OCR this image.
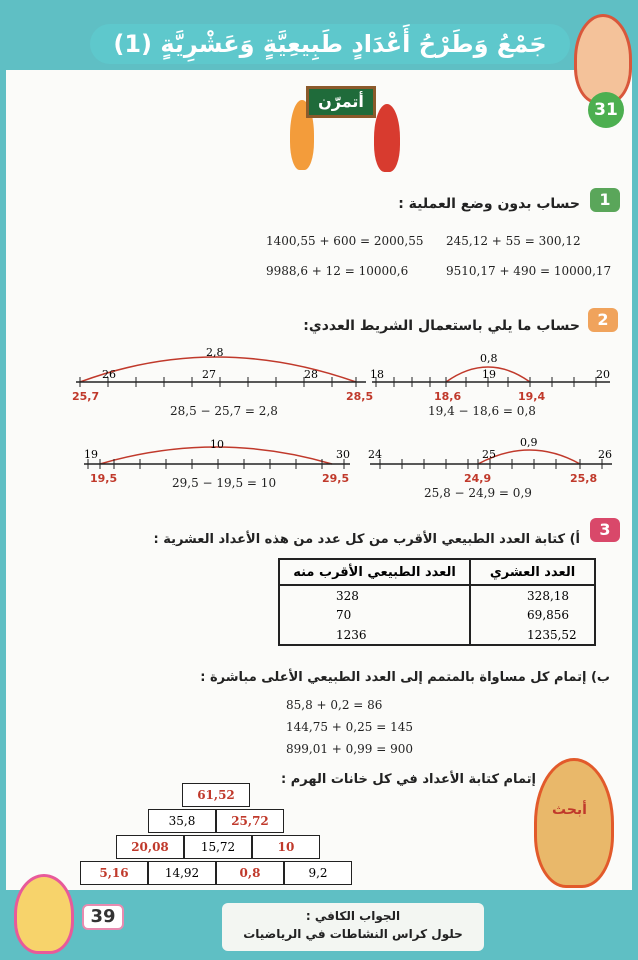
جَمْعُ وَطَرْحُ أَعْدَادٍ طَبِيعِيَّةٍ وَعَشْرِيَّةٍ (1)
31
أتمرّن
1
حساب بدون وضع العملية :
1400,55 + 600 = 2000,55 245,12 + 55 = 300,12
9988,6 + 12 = 10000,6	9510,17 + 490 = 10000,17
2
حساب ما يلي باستعمال الشريط العددي:
2,8
26	27	28
25,7	28,5
28,5 − 25,7 = 2,8
0,8
18	19	20
18,6	19,4
19,4 − 18,6 = 0,8
10
19	30
19,5	29,5
29,5 − 19,5 = 10
0,9
24	25	26
24,9	25,8
25,8 − 24,9 = 0,9
3
أ) كتابة العدد الطبيعي الأقرب من كل عدد من هذه الأعداد العشرية :
العدد الطبيعي الأقرب منه	العدد العشري
328	328,18
70	69,856
1236	1235,52
ب) إتمام كل مساواة بالمتمم إلى العدد الطبيعي الأعلى مباشرة :
85,8 + 0,2 = 86
144,75 + 0,25 = 145
899,01 + 0,99 = 900
إتمام كتابة الأعداد في كل خانات الهرم :
أبحث
61,52
35,8	25,72
20,08	15,72	10
5,16	14,92	0,8	9,2
39	الجواب الكافي :
حلول كراس النشاطات في الرياضيات
